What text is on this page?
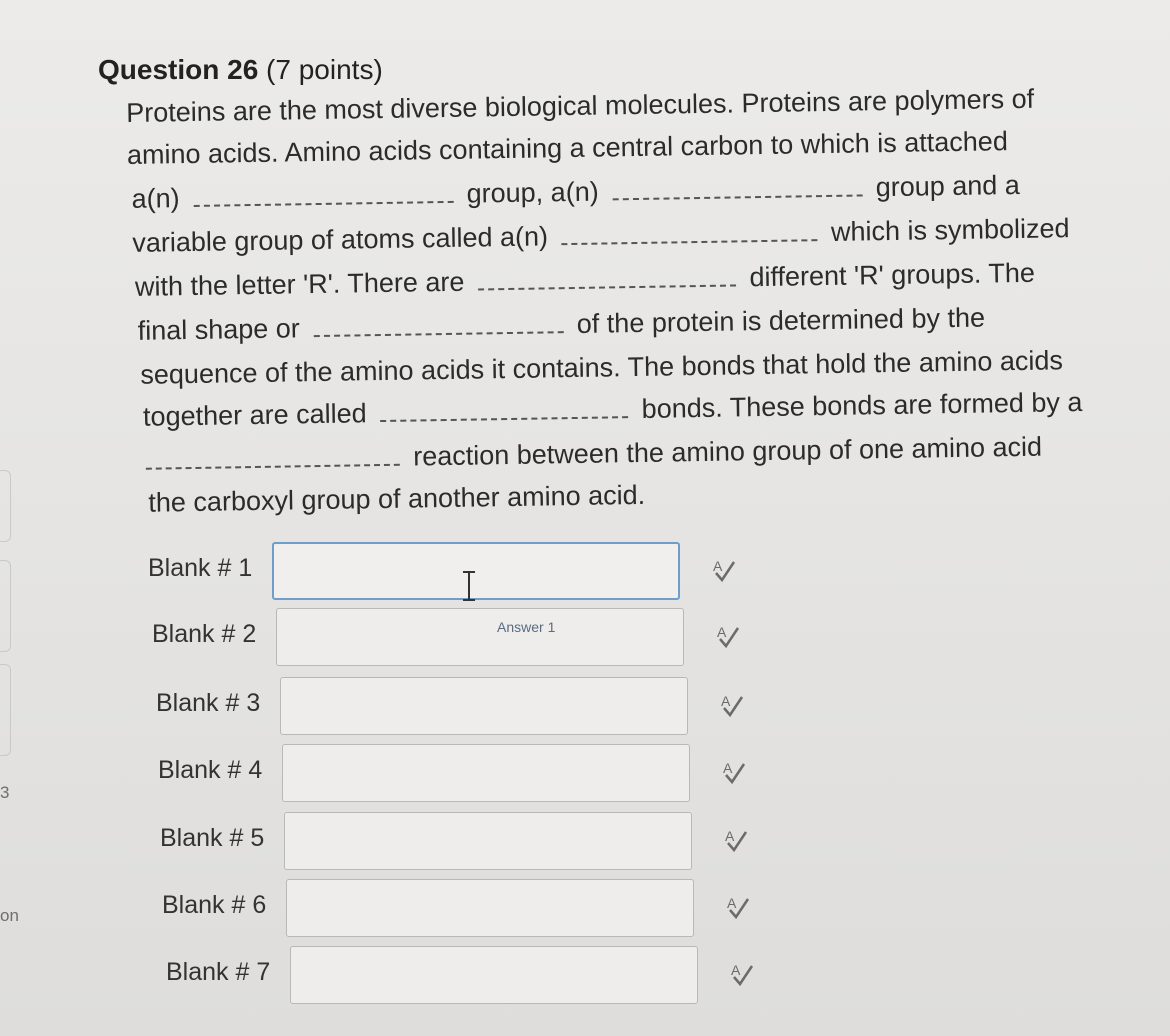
3
on
Question 26 (7 points)
Proteins are the most diverse biological molecules. Proteins are polymers of
amino acids. Amino acids containing a central carbon to which is attached
a(n)	group, a(n)	group and a
variable group of atoms called a(n)	which is symbolized
with the letter 'R'. There are	different 'R' groups. The
final shape or	of the protein is determined by the
sequence of the amino acids it contains. The bonds that hold the amino acids
together are called	bonds. These bonds are formed by a
reaction between the amino group of one amino acid
the carboxyl group of another amino acid.
Blank # 1	A
Blank # 2	A
Blank # 3	A
Blank # 4	A
Blank # 5	A
Blank # 6	A
Blank # 7	A
Answer 1
